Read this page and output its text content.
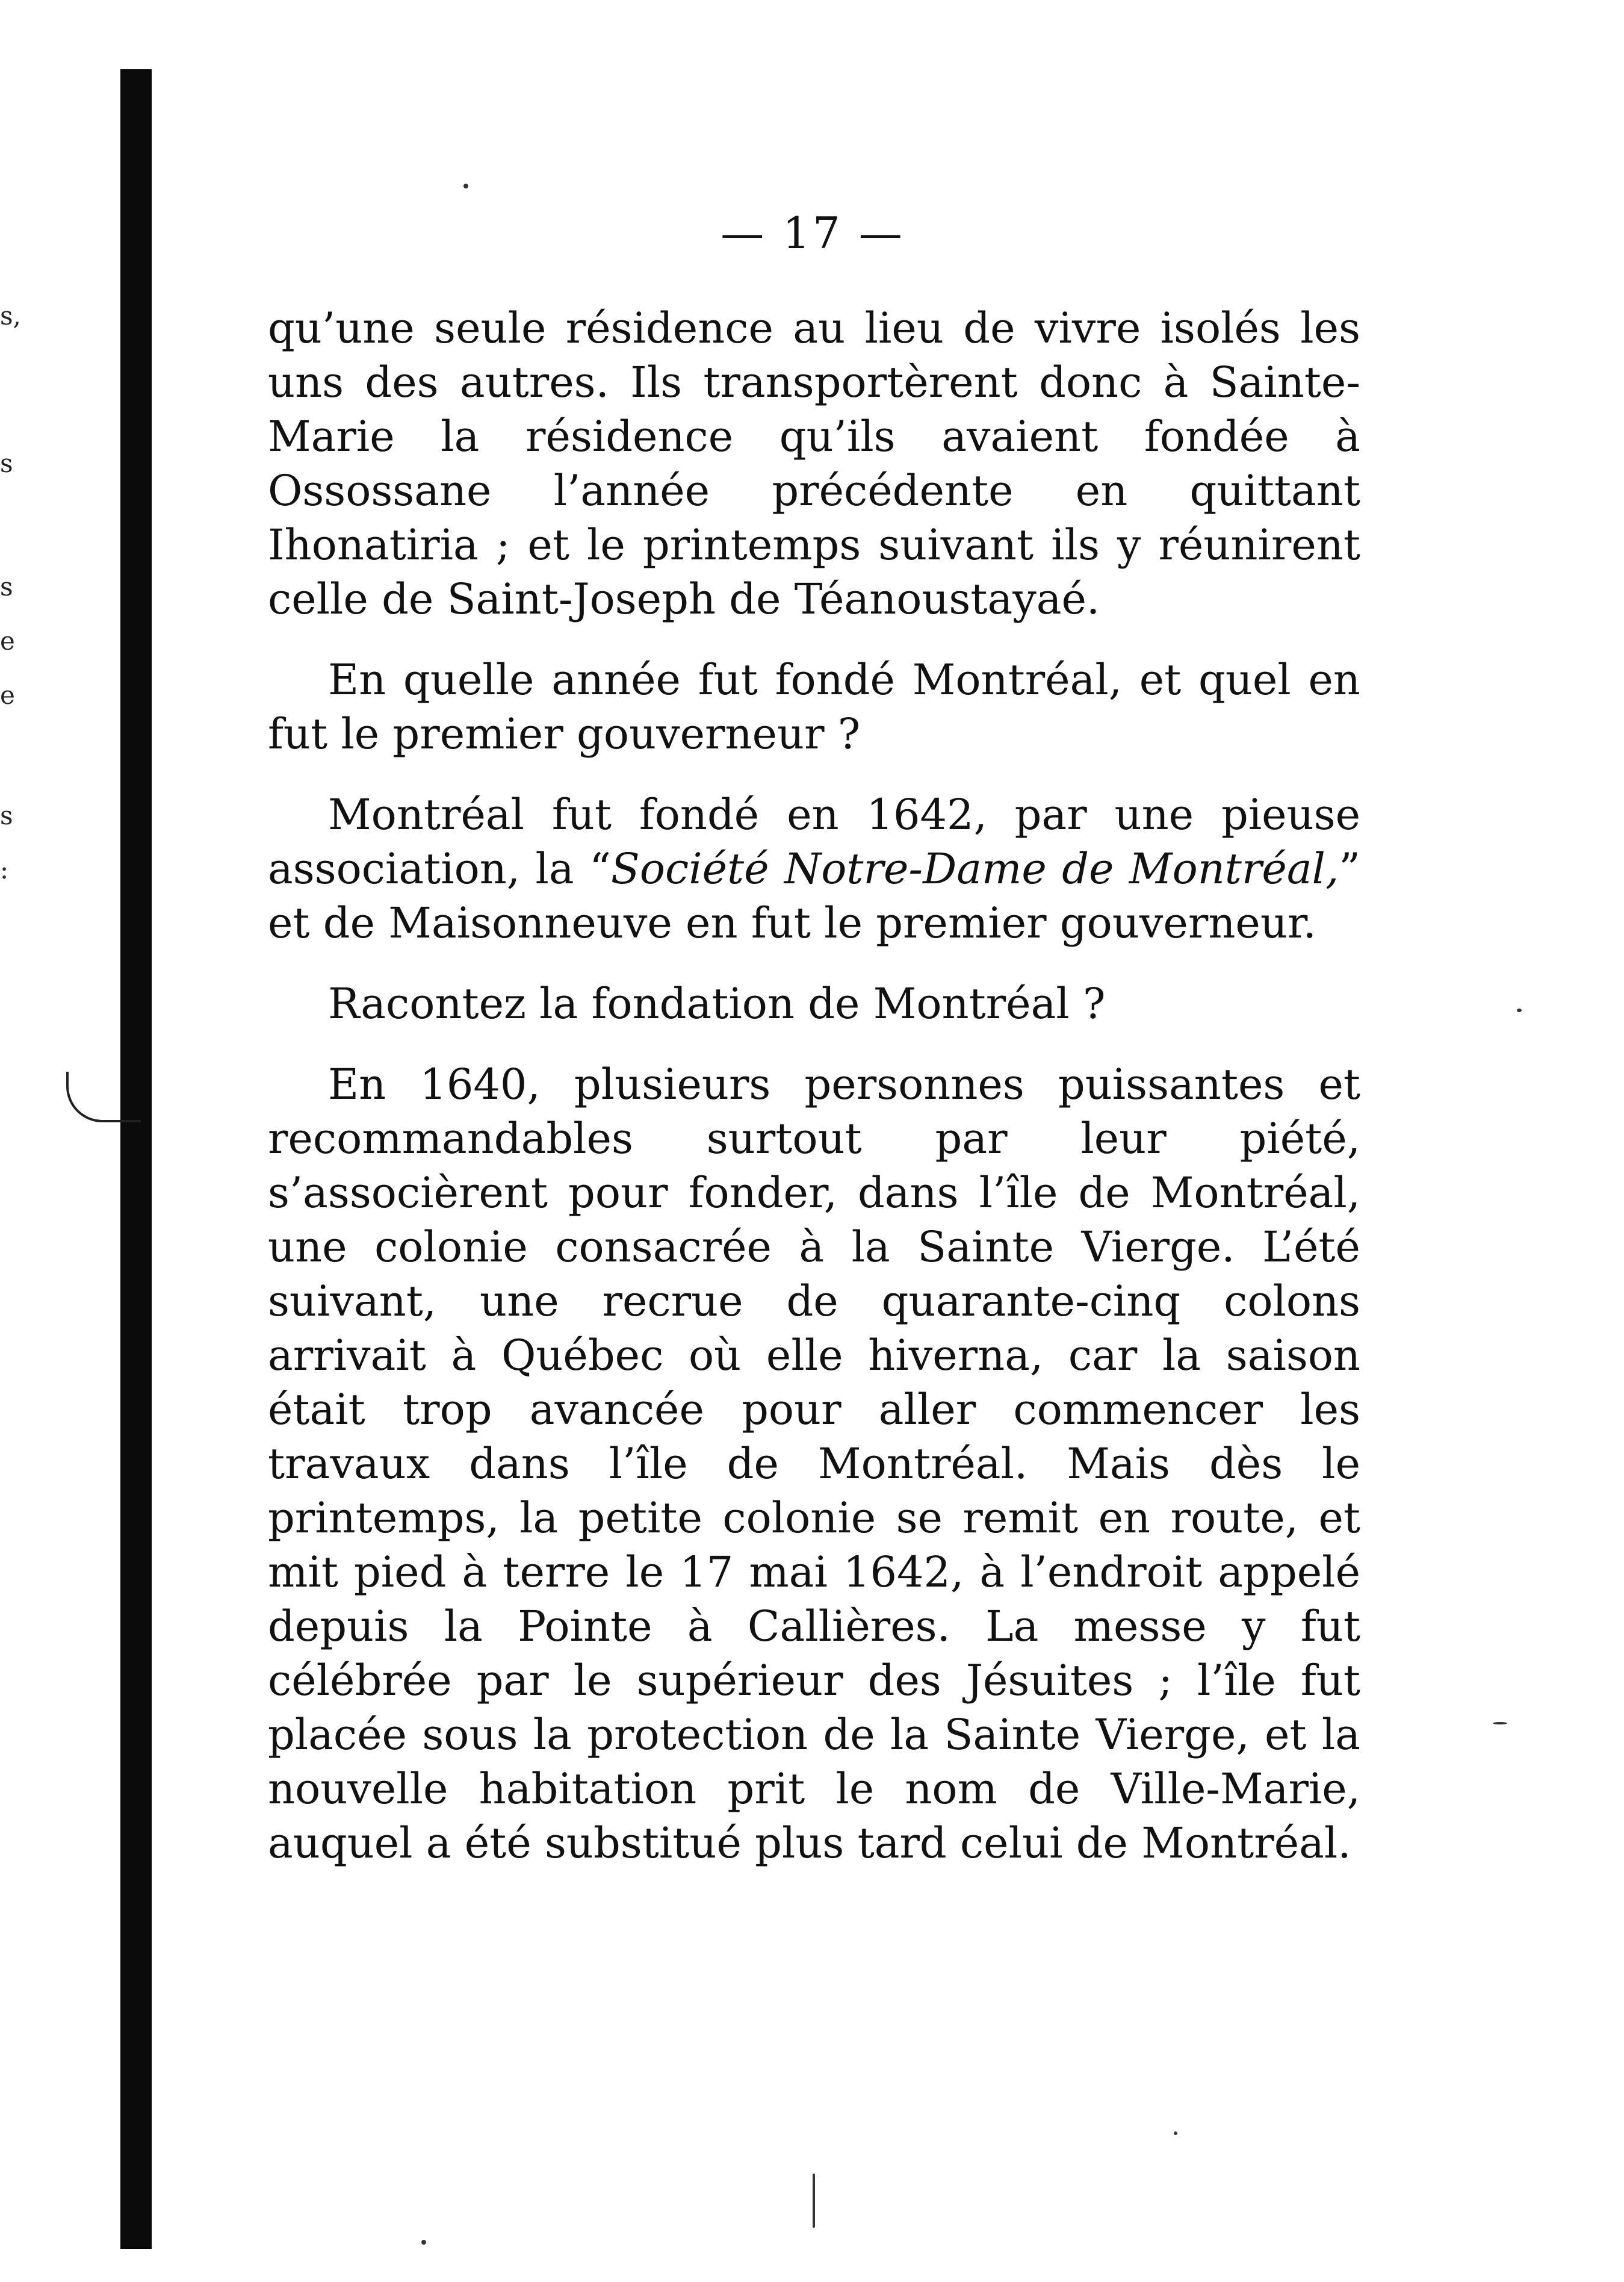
s,
s
s
e
e
s
:
— 17 —

qu’une seule résidence au lieu de vivre isolés les uns des autres. Ils transportèrent donc à Sainte-Marie la résidence qu’ils avaient fondée à Ossossane l’année précédente en quittant Ihonatiria ; et le printemps suivant ils y réunirent celle de Saint-Joseph de Téanoustayaé.

En quelle année fut fondé Montréal, et quel en fut le premier gouverneur ?

Montréal fut fondé en 1642, par une pieuse association, la “Société Notre-Dame de Montréal,” et de Maisonneuve en fut le premier gouverneur.

Racontez la fondation de Montréal ?

En 1640, plusieurs personnes puissantes et recommandables surtout par leur piété, s’associèrent pour fonder, dans l’île de Montréal, une colonie consacrée à la Sainte Vierge. L’été suivant, une recrue de quarante-cinq colons arrivait à Québec où elle hiverna, car la saison était trop avancée pour aller commencer les travaux dans l’île de Montréal. Mais dès le printemps, la petite colonie se remit en route, et mit pied à terre le 17 mai 1642, à l’endroit appelé depuis la Pointe à Callières. La messe y fut célébrée par le supérieur des Jésuites ; l’île fut placée sous la protection de la Sainte Vierge, et la nouvelle habitation prit le nom de Ville-Marie, auquel a été substitué plus tard celui de Montréal.
